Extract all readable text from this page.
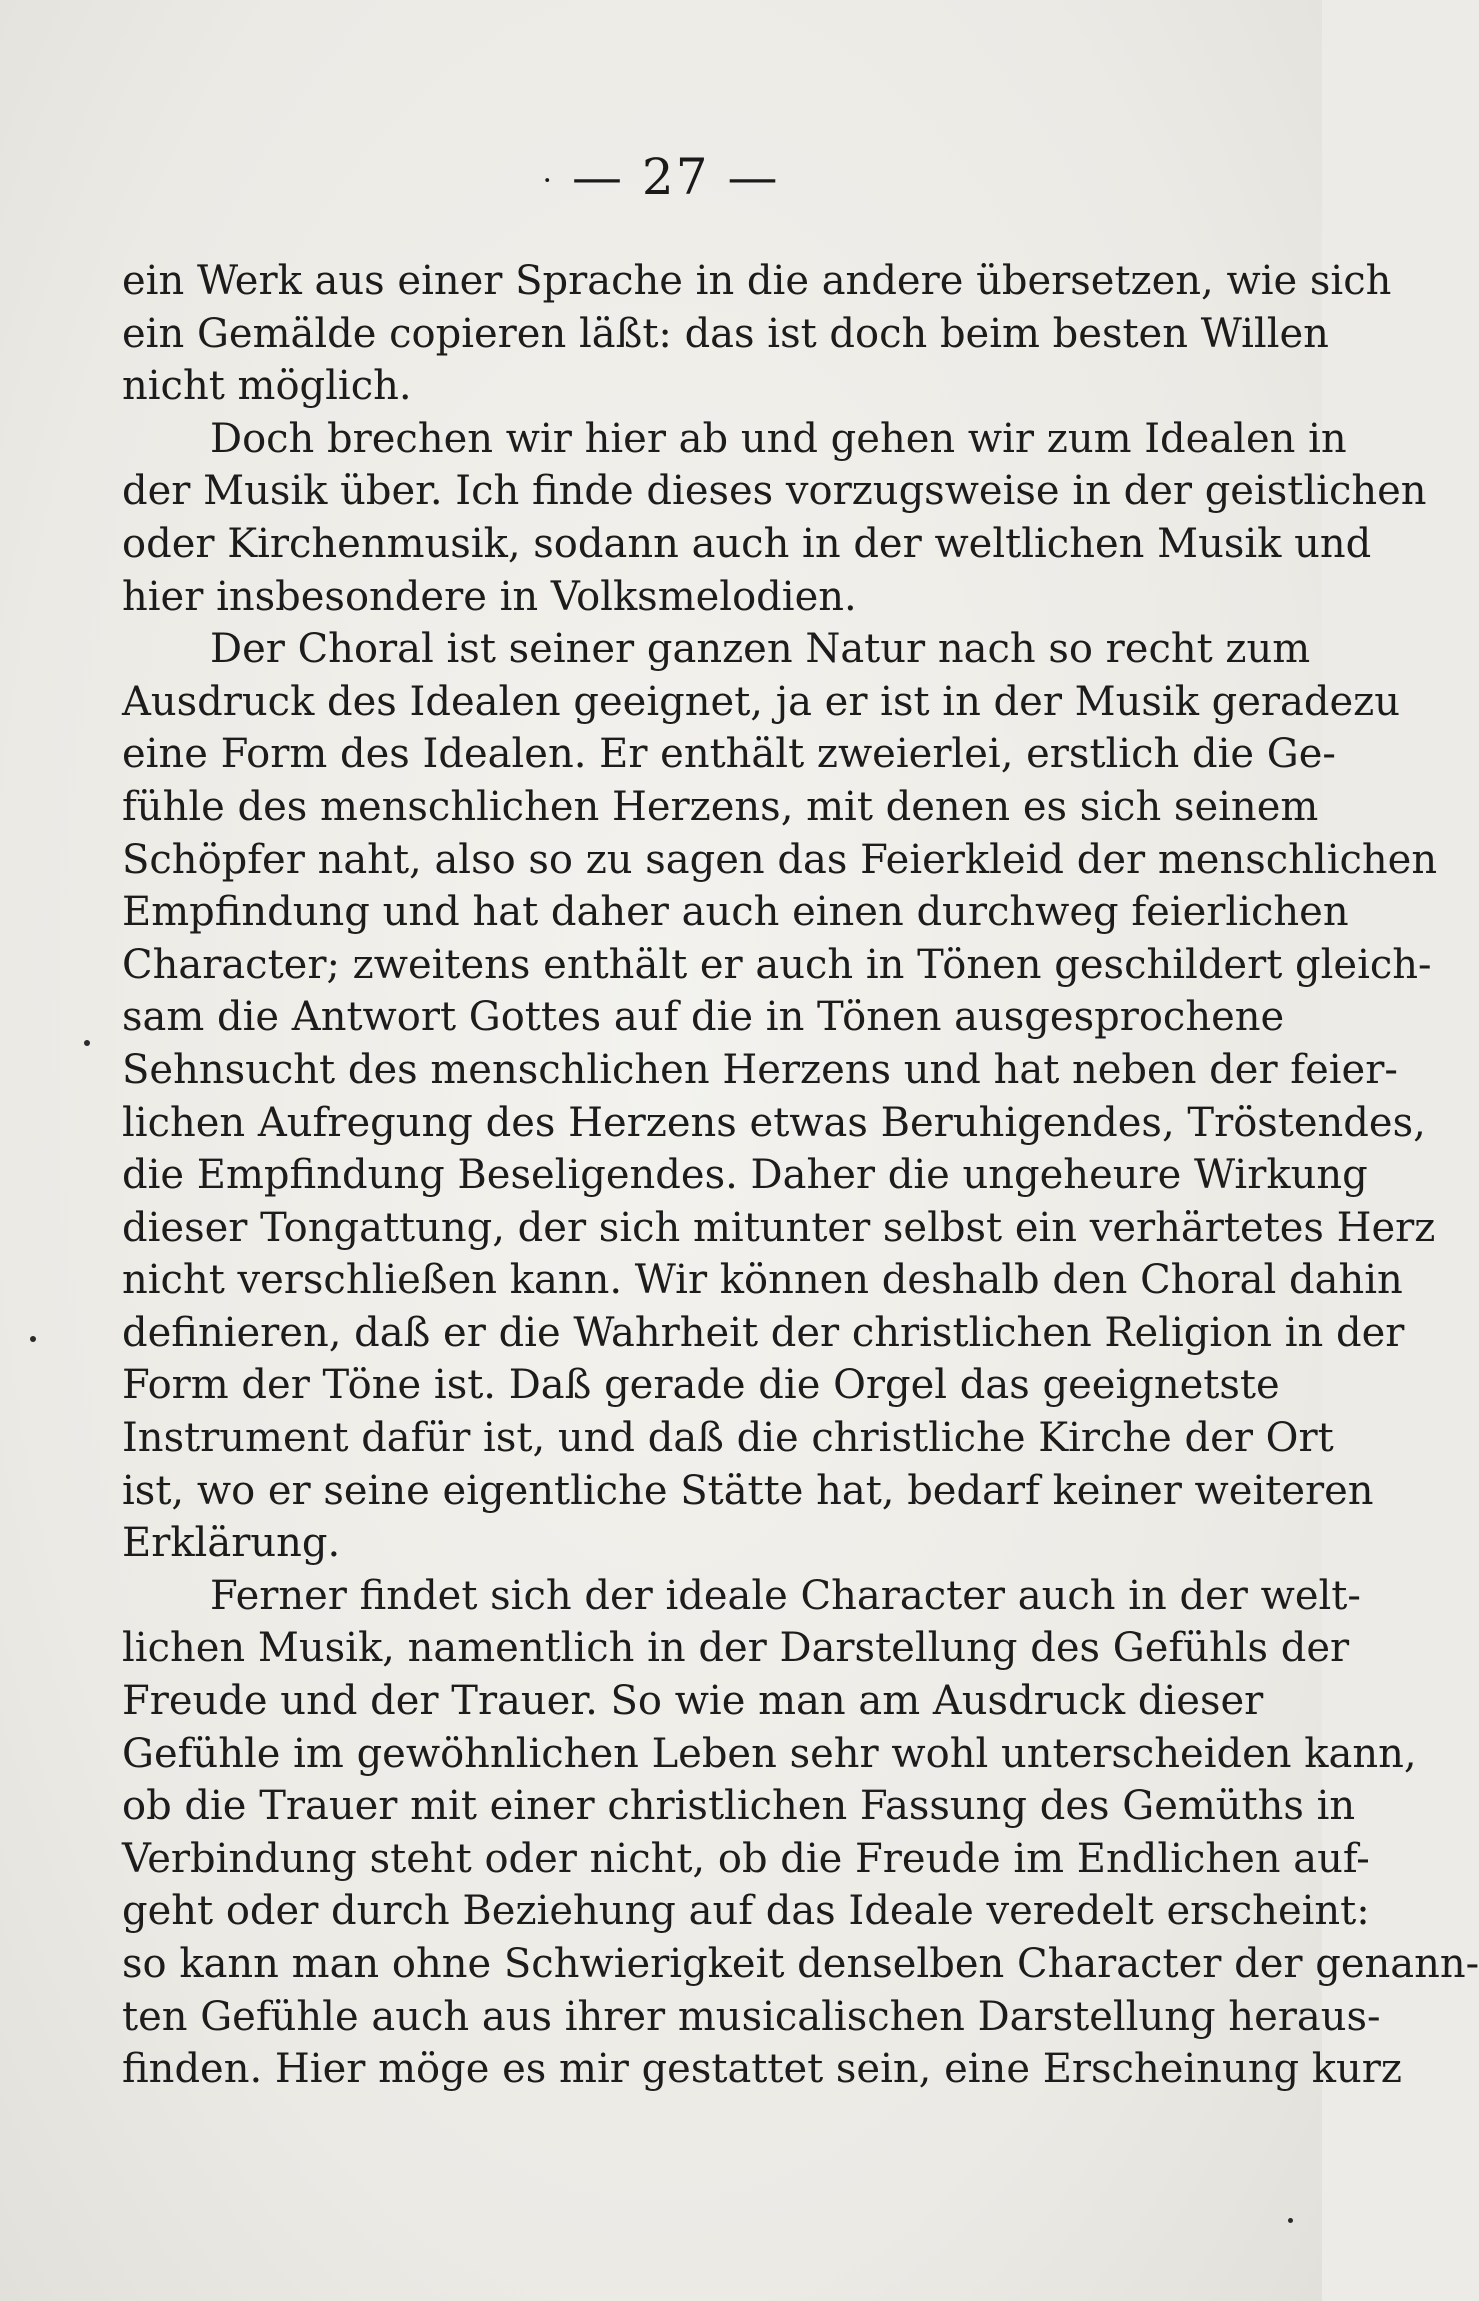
· — 27 —
ein Werk aus einer Sprache in die andere übersetzen, wie sich
ein Gemälde copieren läßt: das ist doch beim besten Willen
nicht möglich.
Doch brechen wir hier ab und gehen wir zum Idealen in
der Musik über. Ich finde dieses vorzugsweise in der geistlichen
oder Kirchenmusik, sodann auch in der weltlichen Musik und
hier insbesondere in Volksmelodien.
Der Choral ist seiner ganzen Natur nach so recht zum
Ausdruck des Idealen geeignet, ja er ist in der Musik geradezu
eine Form des Idealen. Er enthält zweierlei, erstlich die Ge-
fühle des menschlichen Herzens, mit denen es sich seinem
Schöpfer naht, also so zu sagen das Feierkleid der menschlichen
Empfindung und hat daher auch einen durchweg feierlichen
Character; zweitens enthält er auch in Tönen geschildert gleich-
sam die Antwort Gottes auf die in Tönen ausgesprochene
Sehnsucht des menschlichen Herzens und hat neben der feier-
lichen Aufregung des Herzens etwas Beruhigendes, Tröstendes,
die Empfindung Beseligendes. Daher die ungeheure Wirkung
dieser Tongattung, der sich mitunter selbst ein verhärtetes Herz
nicht verschließen kann. Wir können deshalb den Choral dahin
definieren, daß er die Wahrheit der christlichen Religion in der
Form der Töne ist. Daß gerade die Orgel das geeignetste
Instrument dafür ist, und daß die christliche Kirche der Ort
ist, wo er seine eigentliche Stätte hat, bedarf keiner weiteren
Erklärung.
Ferner findet sich der ideale Character auch in der welt-
lichen Musik, namentlich in der Darstellung des Gefühls der
Freude und der Trauer. So wie man am Ausdruck dieser
Gefühle im gewöhnlichen Leben sehr wohl unterscheiden kann,
ob die Trauer mit einer christlichen Fassung des Gemüths in
Verbindung steht oder nicht, ob die Freude im Endlichen auf-
geht oder durch Beziehung auf das Ideale veredelt erscheint:
so kann man ohne Schwierigkeit denselben Character der genann-
ten Gefühle auch aus ihrer musicalischen Darstellung heraus-
finden. Hier möge es mir gestattet sein, eine Erscheinung kurz
